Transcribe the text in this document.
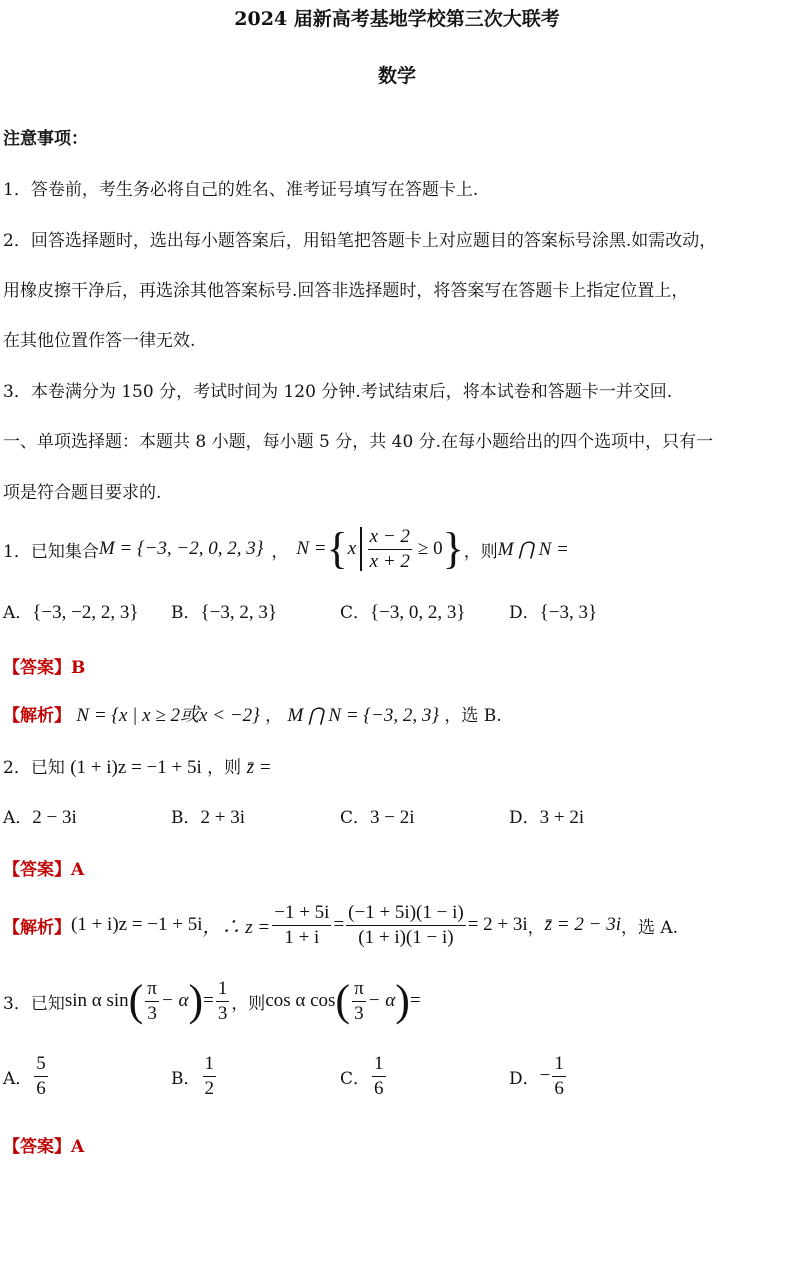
2024 届新高考基地学校第三次大联考
数学
注意事项：
1．答卷前，考生务必将自己的姓名、准考证号填写在答题卡上.
2．回答选择题时，选出每小题答案后，用铅笔把答题卡上对应题目的答案标号涂黑.如需改动，
用橡皮擦干净后，再选涂其他答案标号.回答非选择题时，将答案写在答题卡上指定位置上，
在其他位置作答一律无效.
3．本卷满分为 150 分，考试时间为 120 分钟.考试结束后，将本试卷和答题卡一并交回.
一、单项选择题：本题共 8 小题，每小题 5 分，共 40 分.在每小题给出的四个选项中，只有一
项是符合题目要求的.
1．已知集合 M = {−3, −2, 0, 2, 3} ， N = { x $\frac{x - 2}{x + 2} \ge 0$ } ，则 M ⋂ N =
A．{−3, −2, 2, 3} B．{−3, 2, 3}	C．{−3, 0, 2, 3}	D．{−3, 3}
【答案】B
【解析】 N = {x | x ≥ 2或x < −2} ， M ⋂ N = {−3, 2, 3} ，选 B.
2．已知 (1 + i)z = −1 + 5i ，则 z̄ =
A．2 − 3i	B．2 + 3i	C．3 − 2i	D．3 + 2i
【答案】A
【解析】 (1 + i)z = −1 + 5i ，∴ $z = \frac{-1 + 5i}{1 + i} = \frac{(-1 + 5i)(1 - i)}{(1 + i)(1 - i)} = 2 + 3i$ ， z̄ = 2 − 3i ，选 A.
3．已知 sin α sin ( $\frac{\pi}{3} - \alpha$ ) = $\frac{1}{3}$ ，则 cos α cos ( $\frac{\pi}{3} - \alpha$ ) =
A． $\frac{5}{6}$	B． $\frac{1}{2}$	C． $\frac{1}{6}$	D． − $\frac{1}{6}$
【答案】A
